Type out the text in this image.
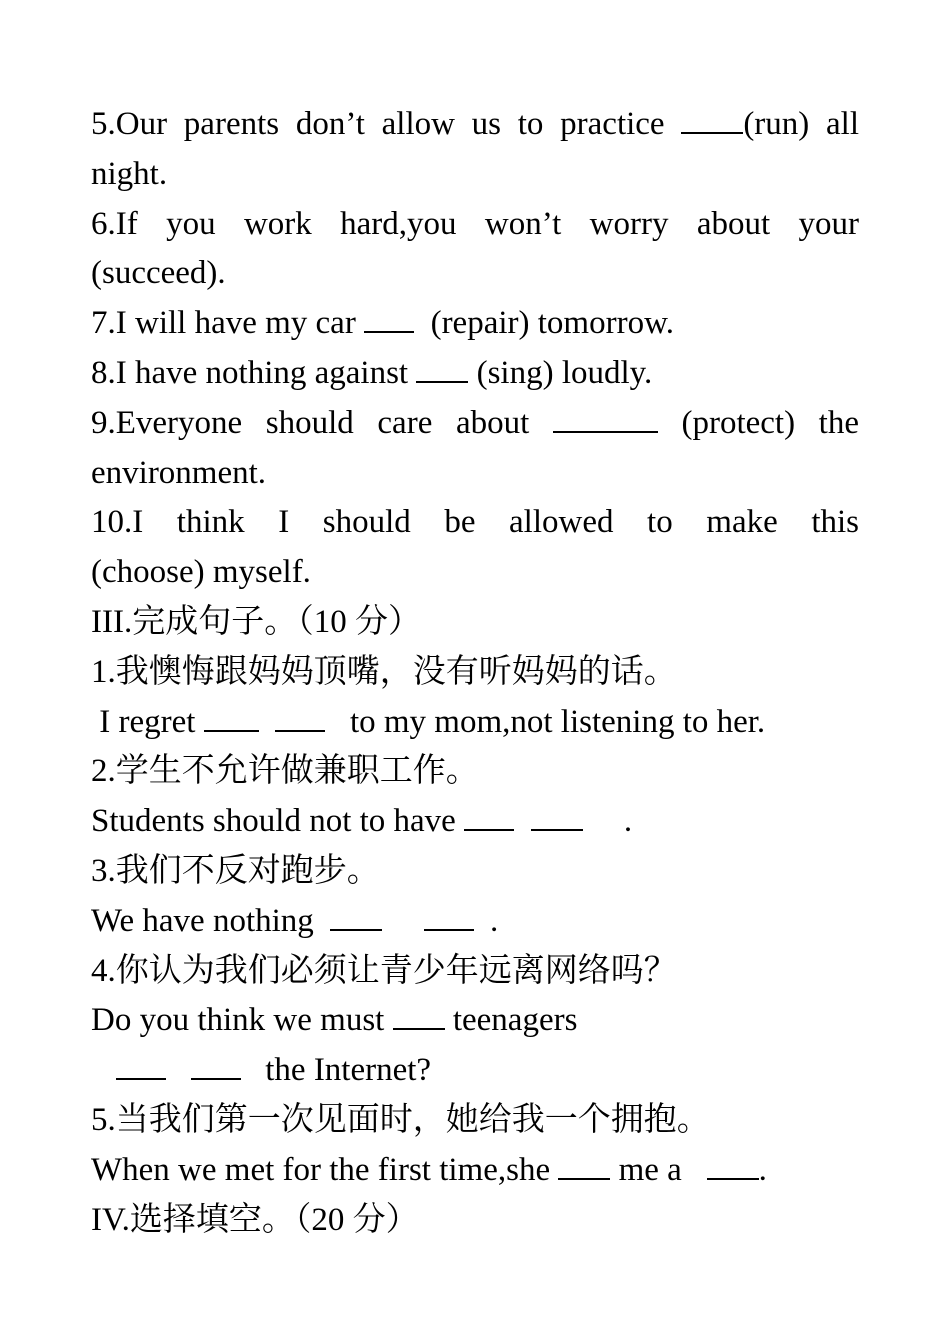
5.Our parents don’t allow us to practice (run) all
night.
6.If you work hard,you won’t worry about your
(succeed).
7.I will have my car   (repair) tomorrow.
8.I have nothing against  (sing) loudly.
9.Everyone should care about	(protect) the
environment.
10.I think I should be allowed to make this
(choose) myself.
III.完成句子。（10 分）
1.我懊悔跟妈妈顶嘴，没有听妈妈的话。
I regret	to my mom,not listening to her.
2.学生不允许做兼职工作。
Students should not to have	.
3.我们不反对跑步。
We have nothing	.
4.你认为我们必须让青少年远离网络吗？
Do you think we must  teenagers
the Internet?
5.当我们第一次见面时，她给我一个拥抱。
When we met for the first time,she  me a   .
IV.选择填空。（20 分）
